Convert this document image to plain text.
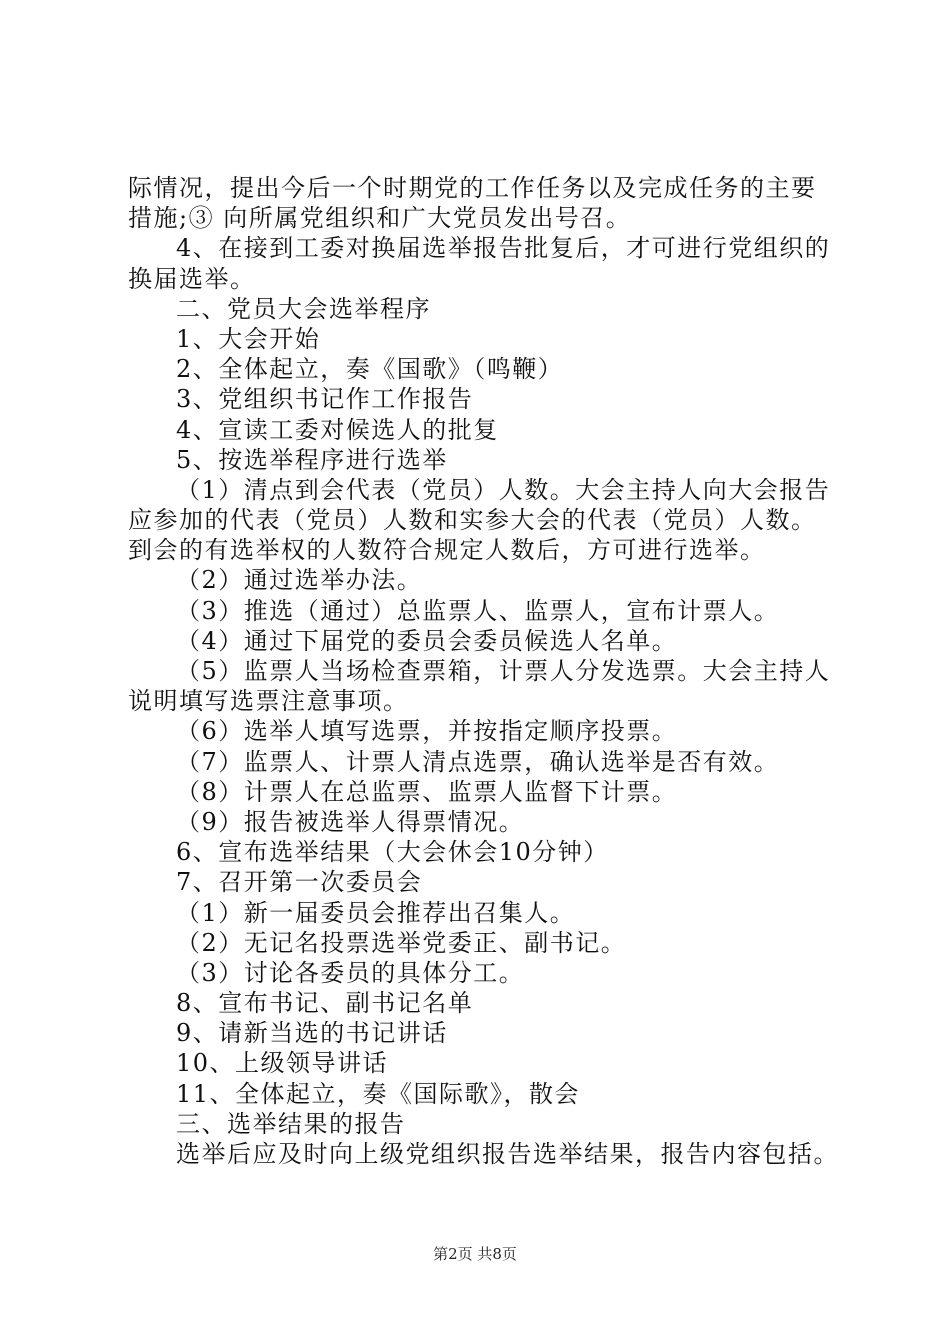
际情况，提出今后一个时期党的工作任务以及完成任务的主要
措施;③ 向所属党组织和广大党员发出号召。
4、在接到工委对换届选举报告批复后，才可进行党组织的
换届选举。
二、党员大会选举程序
1、大会开始
2、全体起立，奏《国歌》（鸣鞭）
3、党组织书记作工作报告
4、宣读工委对候选人的批复
5、按选举程序进行选举
（1）清点到会代表（党员）人数。大会主持人向大会报告
应参加的代表（党员）人数和实参大会的代表（党员）人数。
到会的有选举权的人数符合规定人数后，方可进行选举。
（2）通过选举办法。
（3）推选（通过）总监票人、监票人，宣布计票人。
（4）通过下届党的委员会委员候选人名单。
（5）监票人当场检查票箱，计票人分发选票。大会主持人
说明填写选票注意事项。
（6）选举人填写选票，并按指定顺序投票。
（7）监票人、计票人清点选票，确认选举是否有效。
（8）计票人在总监票、监票人监督下计票。
（9）报告被选举人得票情况。
6、宣布选举结果（大会休会10分钟）
7、召开第一次委员会
（1）新一届委员会推荐出召集人。
（2）无记名投票选举党委正、副书记。
（3）讨论各委员的具体分工。
8、宣布书记、副书记名单
9、请新当选的书记讲话
10、上级领导讲话
11、全体起立，奏《国际歌》，散会
三、选举结果的报告
选举后应及时向上级党组织报告选举结果，报告内容包括。
第2页 共8页
